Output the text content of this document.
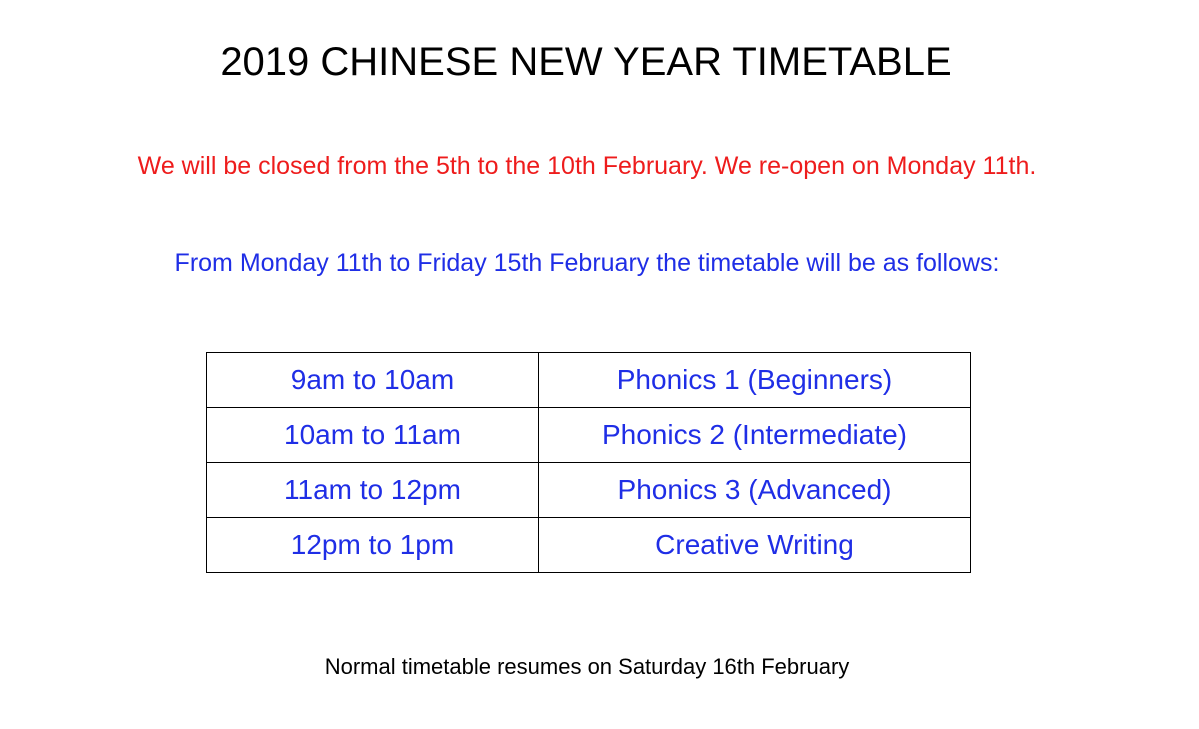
2019 CHINESE NEW YEAR TIMETABLE
We will be closed from the 5th to the 10th February. We re-open on Monday 11th.
From Monday 11th to Friday 15th February the timetable will be as follows:
9am to 10am	Phonics 1 (Beginners)
10am to 11am	Phonics 2 (Intermediate)
11am to 12pm	Phonics 3 (Advanced)
12pm to 1pm	Creative Writing
Normal timetable resumes on Saturday 16th February
